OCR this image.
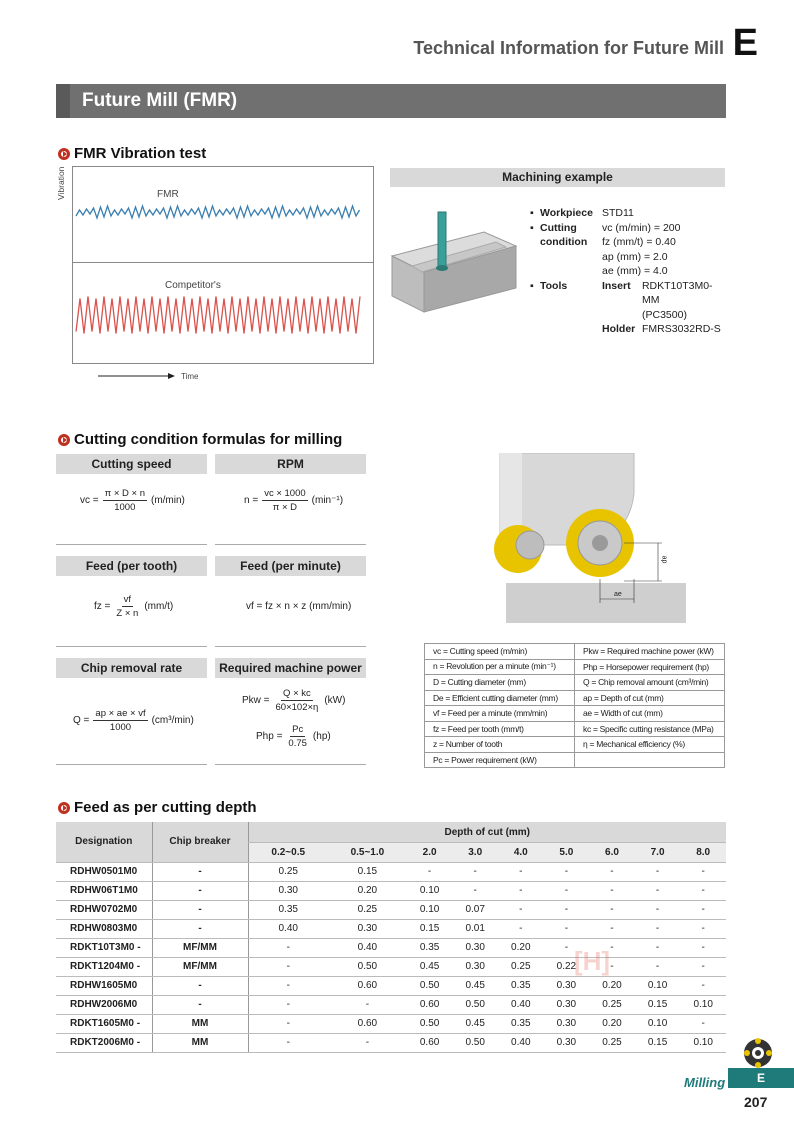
Technical Information for Future Mill E
Future Mill (FMR)
FMR Vibration test
Vibration	FMR
Competitor's
Time
Machining example
▪ Workpiece STD11
▪ Cutting	vc (m/min) = 200
condition	fz (mm/t) = 0.40
ap (mm) = 2.0
ae (mm) = 4.0
▪ Tools	Insert	RDKT10T3M0-MM
(PC3500)
Holder FMRS3032RD-S
Cutting condition formulas for milling
Cutting speed	RPM
vc = $\frac{\pi \times D \times n}{1000} (m/\min)$	$n = \frac{vc \times 1000}{\pi \times D} (\min^{-1})$
Feed (per tooth)	Feed (per minute)
fz = $\frac{vf}{Z \times n} (mm/t)$	vf = fz × n × z (mm/min)
Chip removal rate	Required machine power
$Q = \frac{ap \times ae \times vf}{1000} (cm^3/\min)$
Pkw = $\frac{Q \times kc}{60\times 102\times\eta} (kW)$
Php = $\frac{Pc}{0.75} (hp)$
ap
ae
vc = Cutting speed (m/min)	Pkw = Required machine power (kW)
n = Revolution per a minute (min⁻¹)	Php = Horsepower requirement (hp)
D = Cutting diameter (mm)	Q = Chip removal amount (cm³/min)
De = Efficient cutting diameter (mm)	ap = Depth of cut (mm)
vf = Feed per a minute (mm/min)	ae = Width of cut (mm)
fz = Feed per tooth (mm/t)	kc = Specific cutting resistance (MPa)
z = Number of tooth	η = Mechanical efficiency (%)
Pc = Power requirement (kW)	
Feed as per cutting depth
Designation	Chip breaker	Depth of cut (mm)								
		0.2~0.5	0.5~1.0	2.0	3.0	4.0	5.0	6.0	7.0	8.0
RDHW0501M0	-	0.25	0.15	-	-	-	-	-	-	-
RDHW06T1M0	-	0.30	0.20	0.10	-	-	-	-	-	-
RDHW0702M0	-	0.35	0.25	0.10	0.07	-	-	-	-	-
RDHW0803M0	-	0.40	0.30	0.15	0.01	-	-	-	-	-
RDKT10T3M0 -	MF/MM	-	0.40	0.35	0.30	0.20	-	-	-	-
RDKT1204M0 -	MF/MM	-	0.50	0.45	0.30	0.25	0.22	-	-	-
RDHW1605M0	-	-	0.60	0.50	0.45	0.35	0.30	0.20	0.10	-
RDHW2006M0	-	-	-	0.60	0.50	0.40	0.30	0.25	0.15	0.10
RDKT1605M0 -	MM	-	0.60	0.50	0.45	0.35	0.30	0.20	0.10	-
RDKT2006M0 -	MM	-	-	0.60	0.50	0.40	0.30	0.25	0.15	0.10
[H]
Milling	E
207
